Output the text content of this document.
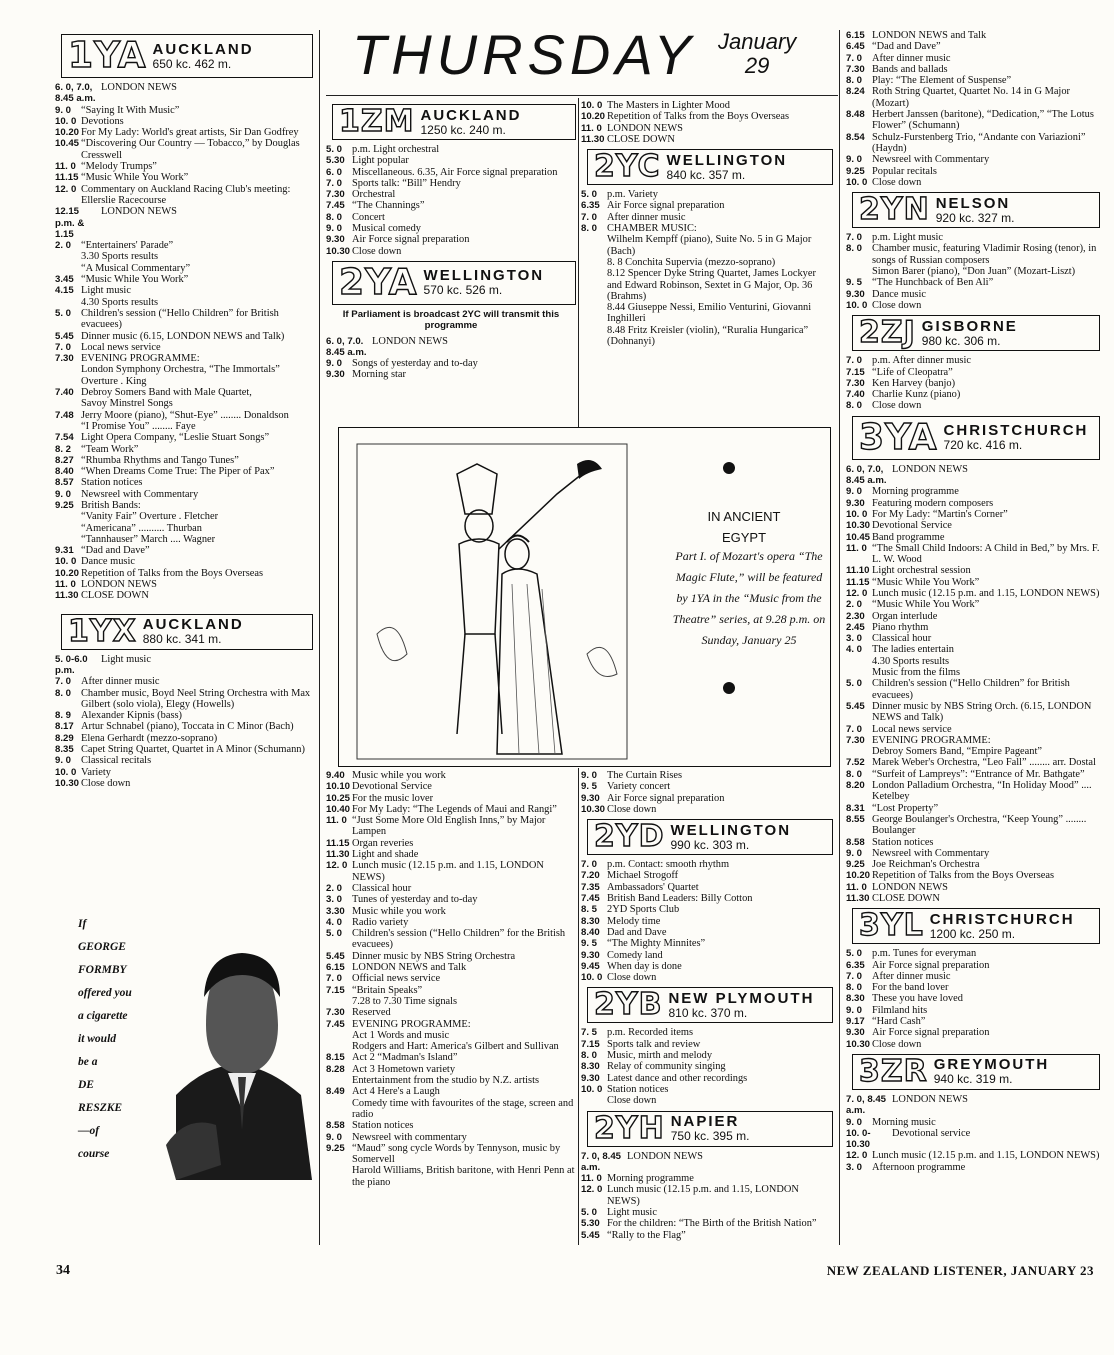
THURSDAY January
29
1YA AUCKLAND
650 kc. 462 m.
6. 0, 7.0, 8.45 a.m.
LONDON NEWS
9. 0 “Saying It With Music”
10. 0 Devotions
10.20 For My Lady: World's great artists, Sir Dan Godfrey
10.45 “Discovering Our Country — Tobacco,” by Douglas Cresswell
11. 0 “Melody Trumps”
11.15 “Music While You Work”
12. 0 Commentary on Auckland Racing Club's meeting: Ellerslie Racecourse
12.15 p.m. & 1.15
LONDON NEWS
2. 0 “Entertainers' Parade”
3.30 Sports results
“A Musical Commentary”
3.45 “Music While You Work”
4.15 Light music
4.30 Sports results
5. 0 Children's session (“Hello Children” for British evacuees)
5.45 Dinner music (6.15, LONDON NEWS and Talk)
7. 0 Local news service
7.30 EVENING PROGRAMME:
London Symphony Orchestra, “The Immortals” Overture . King
7.40 Debroy Somers Band with Male Quartet,
Savoy Minstrel Songs
7.48 Jerry Moore (piano), “Shut-Eye” ........ Donaldson
“I Promise You” ........ Faye
7.54 Light Opera Company, “Leslie Stuart Songs”
8. 2 “Team Work”
8.27 “Rhumba Rhythms and Tango Tunes”
8.40 “When Dreams Come True: The Piper of Pax”
8.57 Station notices
9. 0 Newsreel with Commentary
9.25 British Bands:
“Vanity Fair” Overture . Fletcher
“Americana” .......... Thurban
“Tannhauser” March .... Wagner
9.31 “Dad and Dave”
10. 0 Dance music
10.20 Repetition of Talks from the Boys Overseas
11. 0 LONDON NEWS
11.30 CLOSE DOWN
1YX AUCKLAND
880 kc. 341 m.
5. 0-6.0 p.m.
Light music
7. 0 After dinner music
8. 0 Chamber music, Boyd Neel String Orchestra with Max Gilbert (solo viola), Elegy (Howells)
8. 9 Alexander Kipnis (bass)
8.17 Artur Schnabel (piano), Toccata in C Minor (Bach)
8.29 Elena Gerhardt (mezzo-soprano)
8.35 Capet String Quartet, Quartet in A Minor (Schumann)
9. 0 Classical recitals
10. 0 Variety
10.30 Close down
If
GEORGE
FORMBY
offered you
a cigarette
it would
be a
DE
RESZKE
—of
course
1ZM AUCKLAND
1250 kc. 240 m.
5. 0 p.m. Light orchestral
5.30 Light popular
6. 0 Miscellaneous. 6.35, Air Force signal preparation
7. 0 Sports talk: “Bill” Hendry
7.30 Orchestral
7.45 “The Channings”
8. 0 Concert
9. 0 Musical comedy
9.30 Air Force signal preparation
10.30 Close down
2YA WELLINGTON
570 kc. 526 m.
If Parliament is broadcast 2YC will transmit this programme
6. 0, 7.0. 8.45 a.m.
LONDON NEWS
9. 0 Songs of yesterday and to-day
9.30 Morning star
9.40 Music while you work
10.10 Devotional Service
10.25 For the music lover
10.40 For My Lady: “The Legends of Maui and Rangi”
11. 0 “Just Some More Old English Inns,” by Major Lampen
11.15 Organ reveries
11.30 Light and shade
12. 0 Lunch music (12.15 p.m. and 1.15, LONDON NEWS)
2. 0 Classical hour
3. 0 Tunes of yesterday and to-day
3.30 Music while you work
4. 0 Radio variety
5. 0 Children's session (“Hello Children” for the British evacuees)
5.45 Dinner music by NBS String Orchestra
6.15 LONDON NEWS and Talk
7. 0 Official news service
7.15 “Britain Speaks”
7.28 to 7.30 Time signals
7.30 Reserved
7.45 EVENING PROGRAMME:
Act 1 Words and music
Rodgers and Hart: America's Gilbert and Sullivan
8.15 Act 2 “Madman's Island”
8.28 Act 3 Hometown variety
Entertainment from the studio by N.Z. artists
8.49 Act 4 Here's a Laugh
Comedy time with favourites of the stage, screen and radio
8.58 Station notices
9. 0 Newsreel with commentary
9.25 “Maud” song cycle Words by Tennyson, music by Somervell
Harold Williams, British baritone, with Henri Penn at the piano
10. 0 The Masters in Lighter Mood
10.20 Repetition of Talks from the Boys Overseas
11. 0 LONDON NEWS
11.30 CLOSE DOWN
2YC WELLINGTON
840 kc. 357 m.
5. 0 p.m. Variety
6.35 Air Force signal preparation
7. 0 After dinner music
8. 0 CHAMBER MUSIC:
Wilhelm Kempff (piano), Suite No. 5 in G Major (Bach)
8. 8 Conchita Supervia (mezzo-soprano)
8.12 Spencer Dyke String Quartet, James Lockyer and Edward Robinson, Sextet in G Major, Op. 36 (Brahms)
8.44 Giuseppe Nessi, Emilio Venturini, Giovanni Inghilleri
8.48 Fritz Kreisler (violin), “Ruralia Hungarica” (Dohnanyi)
9. 0 The Curtain Rises
9. 5 Variety concert
9.30 Air Force signal preparation
10.30 Close down
2YD WELLINGTON
990 kc. 303 m.
7. 0 p.m. Contact: smooth rhythm
7.20 Michael Strogoff
7.35 Ambassadors' Quartet
7.45 British Band Leaders: Billy Cotton
8. 5 2YD Sports Club
8.30 Melody time
8.40 Dad and Dave
9. 5 “The Mighty Minnites”
9.30 Comedy land
9.45 When day is done
10. 0 Close down
2YB NEW PLYMOUTH
810 kc. 370 m.
7. 5 p.m. Recorded items
7.15 Sports talk and review
8. 0 Music, mirth and melody
8.30 Relay of community singing
9.30 Latest dance and other recordings
10. 0 Station notices
Close down
2YH NAPIER
750 kc. 395 m.
7. 0, 8.45 a.m.
LONDON NEWS
11. 0 Morning programme
12. 0 Lunch music (12.15 p.m. and 1.15, LONDON NEWS)
5. 0 Light music
5.30 For the children: “The Birth of the British Nation”
5.45 “Rally to the Flag”
IN ANCIENT
EGYPT
Part I. of Mozart's opera “The Magic Flute,” will be featured by 1YA in the “Music from the Theatre” series, at 9.28 p.m. on Sunday, January 25
6.15 LONDON NEWS and Talk
6.45 “Dad and Dave”
7. 0 After dinner music
7.30 Bands and ballads
8. 0 Play: “The Element of Suspense”
8.24 Roth String Quartet, Quartet No. 14 in G Major (Mozart)
8.48 Herbert Janssen (baritone), “Dedication,” “The Lotus Flower” (Schumann)
8.54 Schulz-Furstenberg Trio, “Andante con Variazioni” (Haydn)
9. 0 Newsreel with Commentary
9.25 Popular recitals
10. 0 Close down
2YN NELSON
920 kc. 327 m.
7. 0 p.m. Light music
8. 0 Chamber music, featuring Vladimir Rosing (tenor), in songs of Russian composers
Simon Barer (piano), “Don Juan” (Mozart-Liszt)
9. 5 “The Hunchback of Ben Ali”
9.30 Dance music
10. 0 Close down
2ZJ GISBORNE
980 kc. 306 m.
7. 0 p.m. After dinner music
7.15 “Life of Cleopatra”
7.30 Ken Harvey (banjo)
7.40 Charlie Kunz (piano)
8. 0 Close down
3YA CHRISTCHURCH
720 kc. 416 m.
6. 0, 7.0, 8.45 a.m.
LONDON NEWS
9. 0 Morning programme
9.30 Featuring modern composers
10. 0 For My Lady: “Martin's Corner”
10.30 Devotional Service
10.45 Band programme
11. 0 “The Small Child Indoors: A Child in Bed,” by Mrs. F. L. W. Wood
11.10 Light orchestral session
11.15 “Music While You Work”
12. 0 Lunch music (12.15 p.m. and 1.15, LONDON NEWS)
2. 0 “Music While You Work”
2.30 Organ interlude
2.45 Piano rhythm
3. 0 Classical hour
4. 0 The ladies entertain
4.30 Sports results
Music from the films
5. 0 Children's session (“Hello Children” for British evacuees)
5.45 Dinner music by NBS String Orch. (6.15, LONDON NEWS and Talk)
7. 0 Local news service
7.30 EVENING PROGRAMME:
Debroy Somers Band, “Empire Pageant”
7.52 Marek Weber's Orchestra, “Leo Fall” ........ arr. Dostal
8. 0 “Surfeit of Lampreys”: “Entrance of Mr. Bathgate”
8.20 London Palladium Orchestra, “In Holiday Mood” .... Ketelbey
8.31 “Lost Property”
8.55 George Boulanger's Orchestra, “Keep Young” ........ Boulanger
8.58 Station notices
9. 0 Newsreel with Commentary
9.25 Joe Reichman's Orchestra
10.20 Repetition of Talks from the Boys Overseas
11. 0 LONDON NEWS
11.30 CLOSE DOWN
3YL CHRISTCHURCH
1200 kc. 250 m.
5. 0 p.m. Tunes for everyman
6.35 Air Force signal preparation
7. 0 After dinner music
8. 0 For the band lover
8.30 These you have loved
9. 0 Filmland hits
9.17 “Hard Cash”
9.30 Air Force signal preparation
10.30 Close down
3ZR GREYMOUTH
940 kc. 319 m.
7. 0, 8.45 a.m.
LONDON NEWS
9. 0 Morning music
10. 0-10.30
Devotional service
12. 0 Lunch music (12.15 p.m. and 1.15, LONDON NEWS)
3. 0 Afternoon programme
34	NEW ZEALAND LISTENER, JANUARY 23
